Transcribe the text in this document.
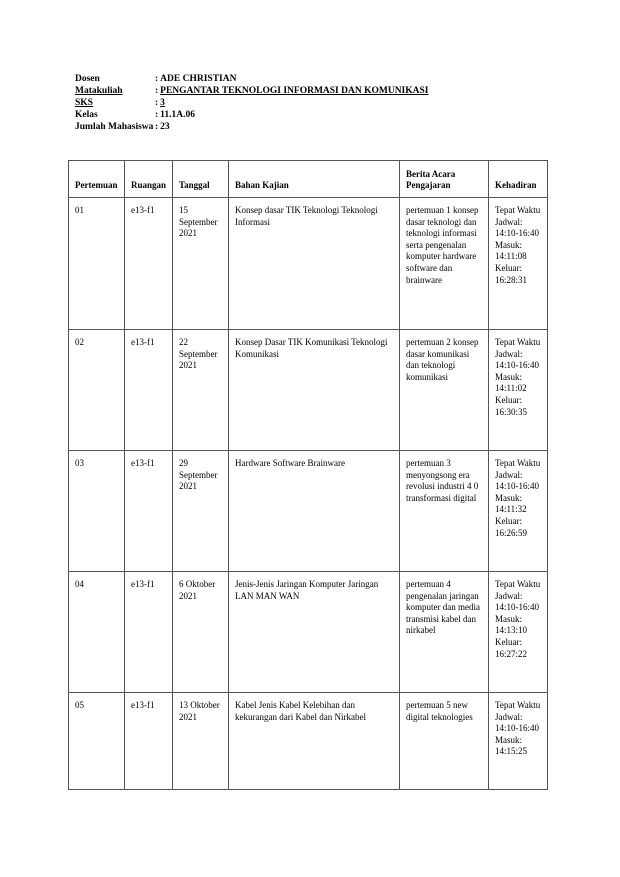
Dosen	: ADE CHRISTIAN
Matakuliah	: PENGANTAR TEKNOLOGI INFORMASI DAN KOMUNIKASI
SKS	: 3
Kelas	: 11.1A.06
Jumlah Mahasiswa : 23
Pertemuan	Ruangan	Tanggal	Bahan Kajian	Berita Acara Pengajaran	Kehadiran
01	e13-f1	15 September 2021	Konsep dasar TIK Teknologi Teknologi Informasi	pertemuan 1 konsep dasar teknologi dan teknologi informasi serta pengenalan komputer hardware software dan brainware	Tepat Waktu
Jadwal: 14:10-16:40
Masuk: 14:11:08
Keluar: 16:28:31

02	e13-f1	22 September 2021	Konsep Dasar TIK Komunikasi Teknologi Komunikasi	pertemuan 2 konsep dasar komunikasi dan teknologi komunikasi	Tepat Waktu
Jadwal: 14:10-16:40
Masuk: 14:11:02
Keluar: 16:30:35

03	e13-f1	29 September 2021	Hardware Software Brainware	pertemuan 3 menyongsong era revolusi industri 4 0 transformasi digital	Tepat Waktu
Jadwal: 14:10-16:40
Masuk: 14:11:32
Keluar: 16:26:59

04	e13-f1	6 Oktober 2021	Jenis-Jenis Jaringan Komputer Jaringan LAN MAN WAN	pertemuan 4 pengenalan jaringan komputer dan media transmisi kabel dan nirkabel	Tepat Waktu
Jadwal: 14:10-16:40
Masuk: 14:13:10
Keluar: 16:27:22

05	e13-f1	13 Oktober 2021	Kabel Jenis Kabel Kelebihan dan kekurangan dari Kabel dan Nirkabel	pertemuan 5 new digital teknologies	Tepat Waktu
Jadwal: 14:10-16:40
Masuk: 14:15:25
